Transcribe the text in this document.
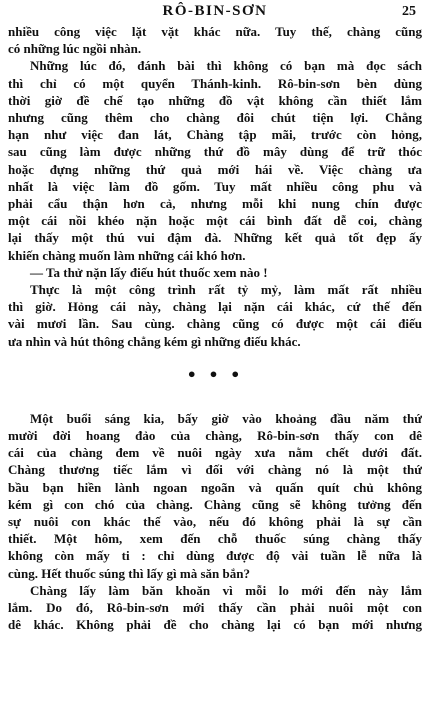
RÔ-BIN-SƠN	25
nhiều công việc lặt vặt khác nữa. Tuy thế, chàng cũng
có những lúc ngồi nhàn.
Những lúc đó, đánh bài thì không có bạn mà đọc sách
thì chỉ có một quyển Thánh-kinh. Rô-bin-sơn bèn dùng
thời giờ đề chế tạo những đồ vật không cần thiết lắm
nhưng cũng thêm cho chàng đôi chút tiện lợi. Chẳng
hạn như việc đan lát, Chàng tập mãi, trước còn hỏng,
sau cũng làm được những thứ đồ mây dùng để trữ thóc
hoặc đựng những thứ quả mới hái về. Việc chàng ưa
nhất là việc làm đồ gốm. Tuy mất nhiều công phu và
phải cẩu thận hơn cả, nhưng mỗi khi nung chín được
một cái nồi khéo nặn hoặc một cái bình đất dễ coi, chàng
lại thấy một thú vui đậm đà. Những kết quả tốt đẹp ấy
khiến chàng muốn làm những cái khó hơn.
— Ta thử nặn lấy điếu hút thuốc xem nào !
Thực là một công trình rất tỷ mỷ, làm mất rất nhiều
thì giờ. Hỏng cái này, chàng lại nặn cái khác, cứ thế đến
vài mươi lần. Sau cùng. chàng cũng có được một cái điếu
ưa nhìn và hút thông chẳng kém gì những điếu khác.
• • •
Một buổi sáng kia, bấy giờ vào khoảng đầu năm thứ
mười đời hoang đảo của chàng, Rô-bin-sơn thấy con dê
cái của chàng đem về nuôi ngày xưa nằm chết dưới đất.
Chàng thương tiếc lắm vì đối với chàng nó là một thứ
bầu bạn hiền lành ngoan ngoãn và quấn quít chủ không
kém gì con chó của chàng. Chàng cũng sẽ không tưởng đến
sự nuôi con khác thế vào, nếu đó không phải là sự cần
thiết. Một hôm, xem đến chỗ thuốc súng chàng thấy
không còn mấy ti : chỉ dùng được độ vài tuần lễ nữa là
cùng. Hết thuốc súng thì lấy gì mà săn bắn?
Chàng lấy làm băn khoăn vì mỗi lo mới đến này lắm
lắm. Do đó, Rô-bin-sơn mới thấy cần phải nuôi một con
dê khác. Không phải đề cho chàng lại có bạn mới nhưng
